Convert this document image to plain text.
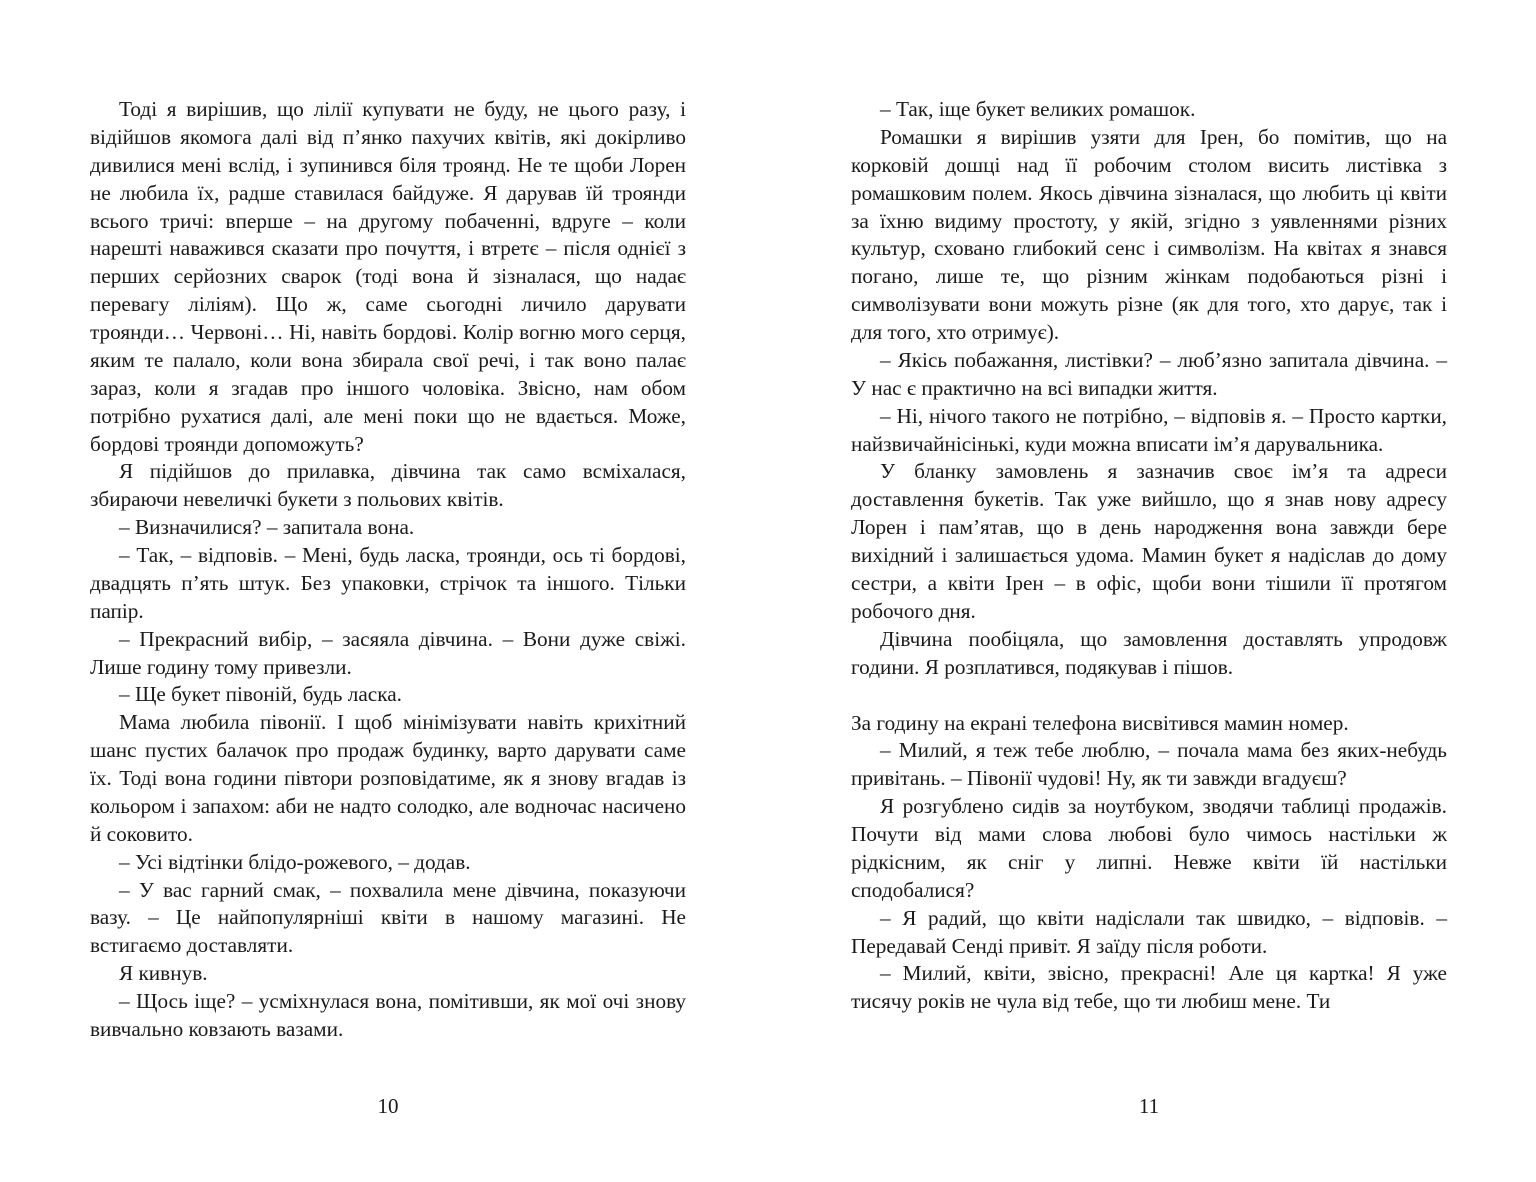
Тоді я вирішив, що лілії купувати не буду, не цього разу, і відійшов якомога далі від п’янко пахучих квітів, які докірливо дивилися мені вслід, і зупинився біля троянд. Не те щоби Лорен не любила їх, радше ставилася байдуже. Я дарував їй троянди всього тричі: вперше – на другому побаченні, вдруге – коли нарешті наважився сказати про почуття, і втретє – після однієї з перших серйозних сварок (тоді вона й зізналася, що надає перевагу ліліям). Що ж, саме сьогодні личило дарувати троянди… Червоні… Ні, навіть бордові. Колір вогню мого серця, яким те палало, коли вона збирала свої речі, і так воно палає зараз, коли я згадав про іншого чоловіка. Звісно, нам обом потрібно рухатися далі, але мені поки що не вдається. Може, бордові троянди допоможуть?

Я підійшов до прилавка, дівчина так само всміхалася, збираючи невеличкі букети з польових квітів.

– Визначилися? – запитала вона.

– Так, – відповів. – Мені, будь ласка, троянди, ось ті бордові, двадцять п’ять штук. Без упаковки, стрічок та іншого. Тільки папір.

– Прекрасний вибір, – засяяла дівчина. – Вони дуже свіжі. Лише годину тому привезли.

– Ще букет півоній, будь ласка.

Мама любила півонії. І щоб мінімізувати навіть крихітний шанс пустих балачок про продаж будинку, варто дарувати саме їх. Тоді вона години півтори розповідатиме, як я знову вгадав із кольором і запахом: аби не надто солодко, але водночас насичено й соковито.

– Усі відтінки блідо-рожевого, – додав.

– У вас гарний смак, – похвалила мене дівчина, показуючи вазу. – Це найпопулярніші квіти в нашому магазині. Не встигаємо доставляти.

Я кивнув.

– Щось іще? – усміхнулася вона, помітивши, як мої очі знову вивчально ковзають вазами.

10

– Так, іще букет великих ромашок.

Ромашки я вирішив узяти для Ірен, бо помітив, що на корковій дошці над її робочим столом висить листівка з ромашковим полем. Якось дівчина зізналася, що любить ці квіти за їхню видиму простоту, у якій, згідно з уявленнями різних культур, сховано глибокий сенс і символізм. На квітах я знався погано, лише те, що різним жінкам подобаються різні і символізувати вони можуть різне (як для того, хто дарує, так і для того, хто отримує).

– Якісь побажання, листівки? – люб’язно запитала дівчина. – У нас є практично на всі випадки життя.

– Ні, нічого такого не потрібно, – відповів я. – Просто картки, найзвичайнісінькі, куди можна вписати ім’я дарувальника.

У бланку замовлень я зазначив своє ім’я та адреси доставлення букетів. Так уже вийшло, що я знав нову адресу Лорен і пам’ятав, що в день народження вона завжди бере вихідний і залишається удома. Мамин букет я надіслав до дому сестри, а квіти Ірен – в офіс, щоби вони тішили її протягом робочого дня.

Дівчина пообіцяла, що замовлення доставлять упродовж години. Я розплатився, подякував і пішов.

За годину на екрані телефона висвітився мамин номер.

– Милий, я теж тебе люблю, – почала мама без яких-небудь привітань. – Півонії чудові! Ну, як ти завжди вгадуєш?

Я розгублено сидів за ноутбуком, зводячи таблиці продажів. Почути від мами слова любові було чимось настільки ж рідкісним, як сніг у липні. Невже квіти їй настільки сподобалися?

– Я радий, що квіти надіслали так швидко, – відповів. – Передавай Сенді привіт. Я заїду після роботи.

– Милий, квіти, звісно, прекрасні! Але ця картка! Я уже тисячу років не чула від тебе, що ти любиш мене. Ти

11
